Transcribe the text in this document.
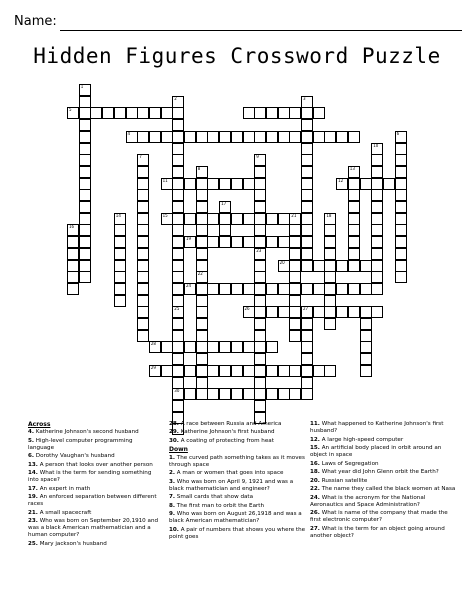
Name:
Hidden Figures Crossword Puzzle
1
5
2
25
3
4
7
8
22
9
10
6
11	12
13
14	15
16
17
18
19
20
21
23
24
30
26	27
28
29
Across
4. Katherine Johnson's second husband
5. High-level computer programming language
6. Dorothy Vaughan's husband
13. A person that looks over another person
14. What is the term for sending something into space?
17. An expert in math
19. An enforced separation between different races
21. A small spacecraft
23. Who was born on September 20,1910 and was a black American mathematician and a human computer?
25. Mary jackson's husband
28. A race between Russia and America
29. Katherine Johnson's first husband
30. A coating of protecting from heat
Down
1. The curved path something takes as it moves through space
2. A man or women that goes into space
3. Who was born on April 9, 1921 and was a black mathematician and engineer?
7. Small cards that show data
8. The first man to orbit the Earth
9. Who was born on August 26,1918 and was a black American mathematician?
10. A pair of numbers that shows you where the point goes
11. What happened to Katherine Johnson's first husband?
12. A large high-speed computer
15. An artificial body placed in orbit around an object in space
16. Laws of Segregation
18. What year did John Glenn orbit the Earth?
20. Russian satellite
22. The name they called the black women at Nasa
24. What is the acronym for the National Aeronautics and Space Administration?
26. What is name of the company that made the first electronic computer?
27. What is the term for an object going around another object?
